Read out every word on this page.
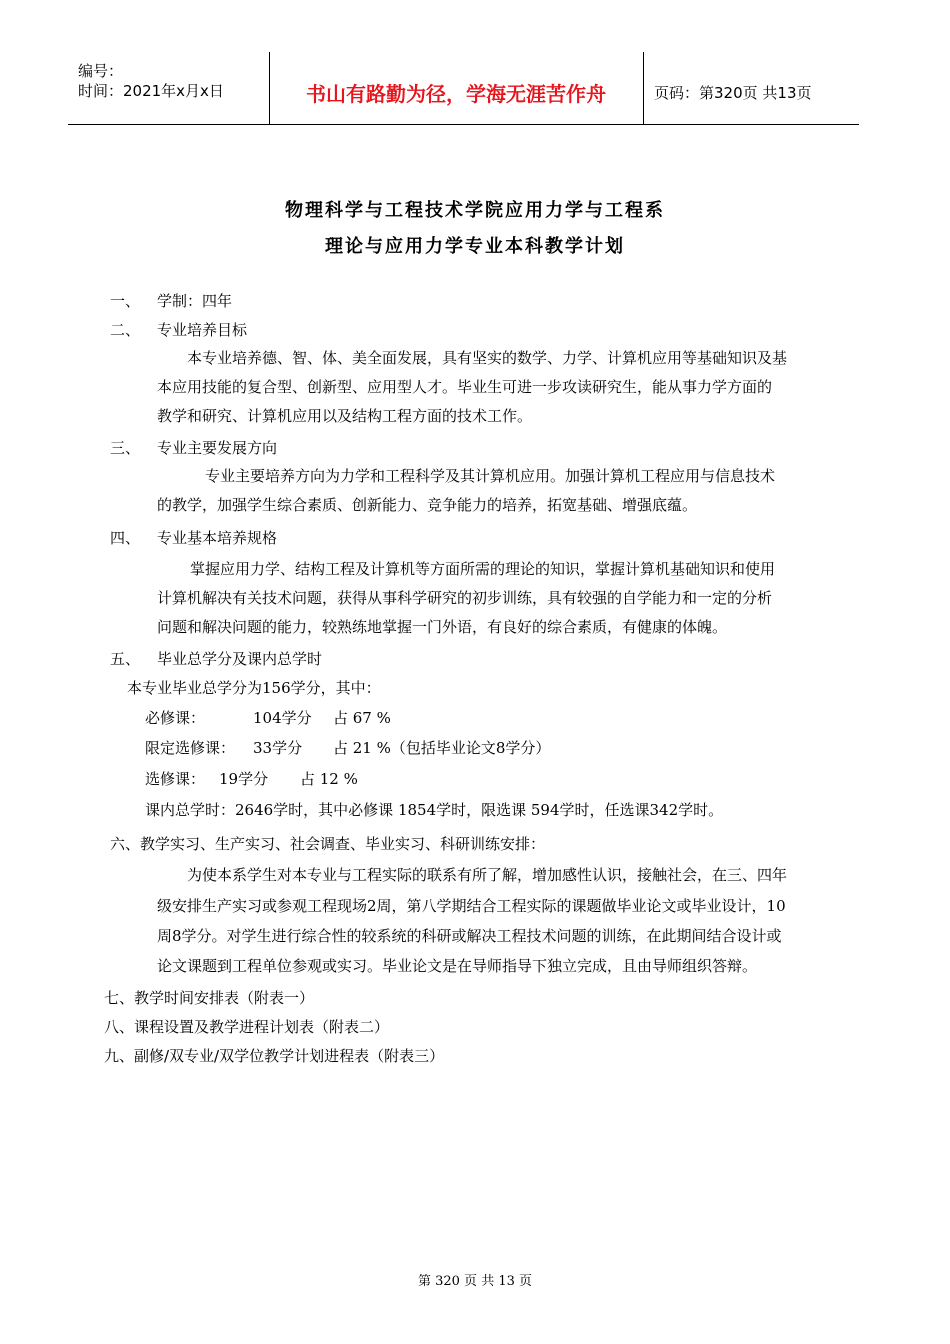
编号：
时间：2021年x月x日	书山有路勤为径，学海无涯苦作舟	页码：第320页 共13页
物理科学与工程技术学院应用力学与工程系
理论与应用力学专业本科教学计划
一、 学制：四年
二、 专业培养目标
本专业培养德、智、体、美全面发展，具有坚实的数学、力学、计算机应用等基础知识及基
本应用技能的复合型、创新型、应用型人才。毕业生可进一步攻读研究生，能从事力学方面的
教学和研究、计算机应用以及结构工程方面的技术工作。
三、 专业主要发展方向
专业主要培养方向为力学和工程科学及其计算机应用。加强计算机工程应用与信息技术
的教学，加强学生综合素质、创新能力、竞争能力的培养，拓宽基础、增强底蕴。
四、 专业基本培养规格
掌握应用力学、结构工程及计算机等方面所需的理论的知识，掌握计算机基础知识和使用
计算机解决有关技术问题，获得从事科学研究的初步训练，具有较强的自学能力和一定的分析
问题和解决问题的能力，较熟练地掌握一门外语，有良好的综合素质，有健康的体魄。
五、 毕业总学分及课内总学时
本专业毕业总学分为156学分，其中：
必修课：	104学分 占 67 %
限定选修课： 33学分 占 21 %（包括毕业论文8学分）
选修课： 19学分 占 12 %
课内总学时：2646学时，其中必修课 1854学时，限选课 594学时，任选课342学时。
六、教学实习、生产实习、社会调查、毕业实习、科研训练安排：
为使本系学生对本专业与工程实际的联系有所了解，增加感性认识，接触社会，在三、四年
级安排生产实习或参观工程现场2周，第八学期结合工程实际的课题做毕业论文或毕业设计，10
周8学分。对学生进行综合性的较系统的科研或解决工程技术问题的训练，在此期间结合设计或
论文课题到工程单位参观或实习。毕业论文是在导师指导下独立完成，且由导师组织答辩。
七、教学时间安排表（附表一）
八、课程设置及教学进程计划表（附表二）
九、副修/双专业/双学位教学计划进程表（附表三）
第 320 页 共 13 页
